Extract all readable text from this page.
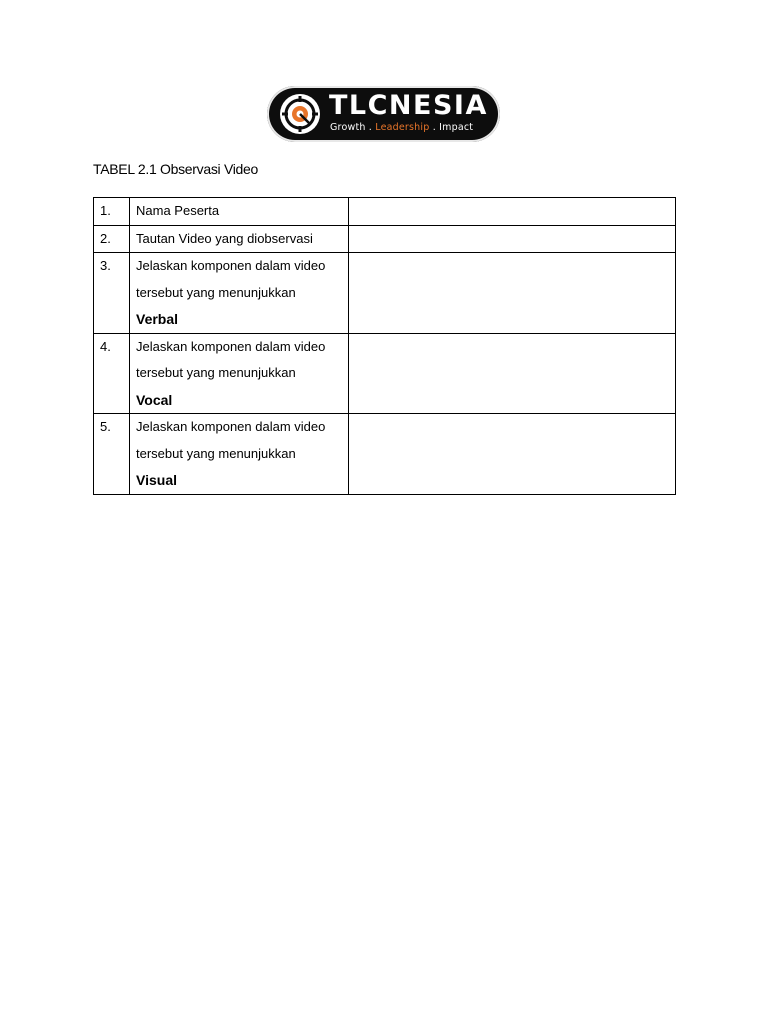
TLCNESIA
Growth . Leadership . Impact
TABEL 2.1 Observasi Video
1.	Nama Peserta	
2.	Tautan Video yang diobservasi	
3.	Jelaskan komponen dalam video
tersebut yang menunjukkan
Verbal	

4.	Jelaskan komponen dalam video
tersebut yang menunjukkan
Vocal	

5.	Jelaskan komponen dalam video
tersebut yang menunjukkan
Visual	
